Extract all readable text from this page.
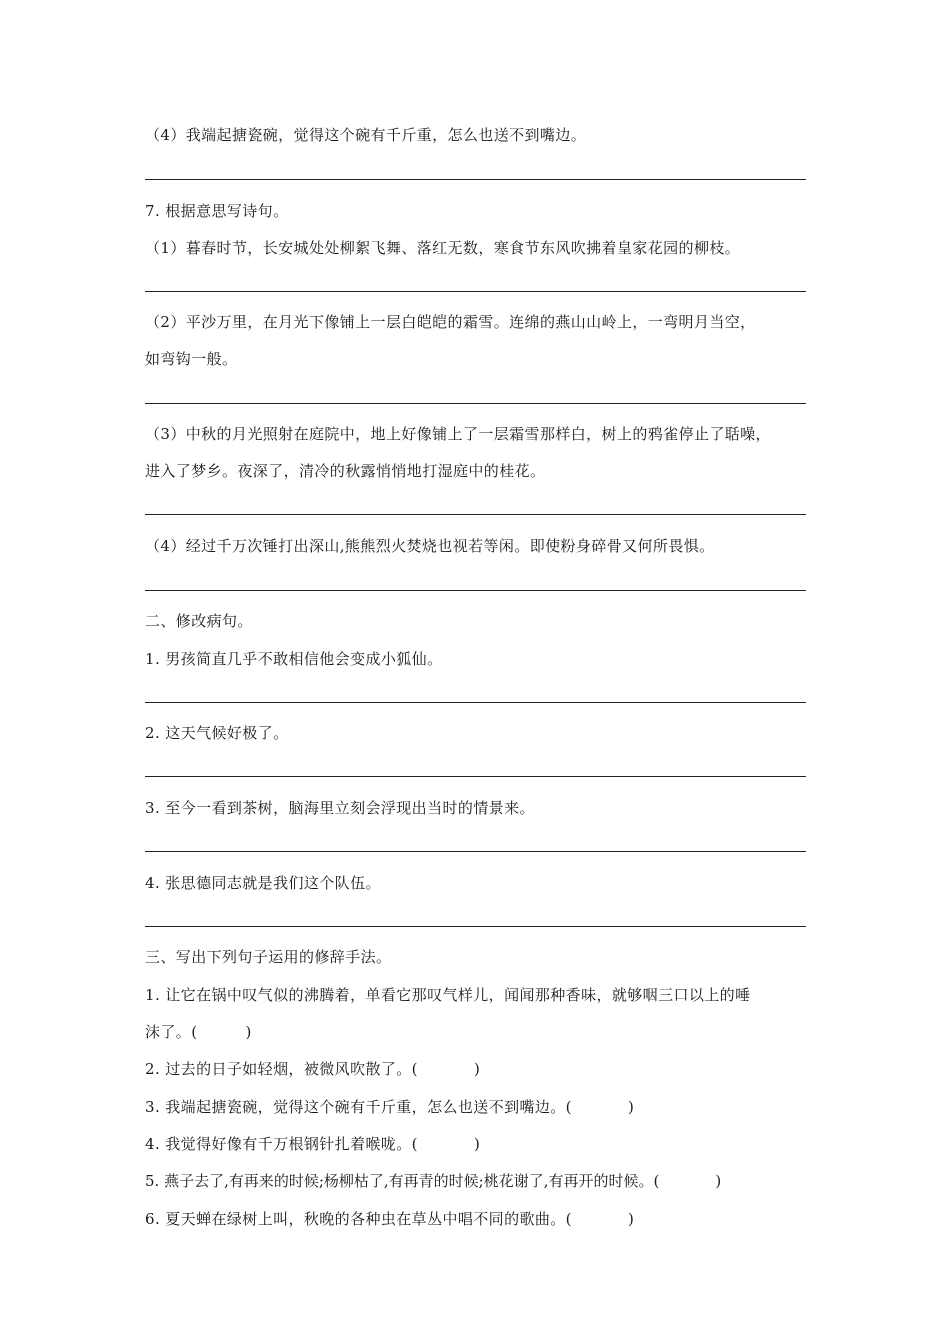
（4）我端起搪瓷碗，觉得这个碗有千斤重，怎么也送不到嘴边。
7. 根据意思写诗句。
（1）暮春时节，长安城处处柳絮飞舞、落红无数，寒食节东风吹拂着皇家花园的柳枝。
（2）平沙万里，在月光下像铺上一层白皑皑的霜雪。连绵的燕山山岭上，一弯明月当空，
如弯钩一般。
（3）中秋的月光照射在庭院中，地上好像铺上了一层霜雪那样白，树上的鸦雀停止了聒噪，
进入了梦乡。夜深了，清冷的秋露悄悄地打湿庭中的桂花。
（4）经过千万次锤打出深山,熊熊烈火焚烧也视若等闲。即使粉身碎骨又何所畏惧。
二、修改病句。
1. 男孩简直几乎不敢相信他会变成小狐仙。
2. 这天气候好极了。
3. 至今一看到茶树，脑海里立刻会浮现出当时的情景来。
4. 张思德同志就是我们这个队伍。
三、写出下列句子运用的修辞手法。
1. 让它在锅中叹气似的沸腾着，单看它那叹气样儿，闻闻那种香味，就够咽三口以上的唾
沫了。(	)
2. 过去的日子如轻烟，被微风吹散了。(	)
3. 我端起搪瓷碗，觉得这个碗有千斤重，怎么也送不到嘴边。(	)
4. 我觉得好像有千万根钢针扎着喉咙。(	)
5. 燕子去了,有再来的时候;杨柳枯了,有再青的时候;桃花谢了,有再开的时候。(	)
6. 夏天蝉在绿树上叫，秋晚的各种虫在草丛中唱不同的歌曲。(	)
